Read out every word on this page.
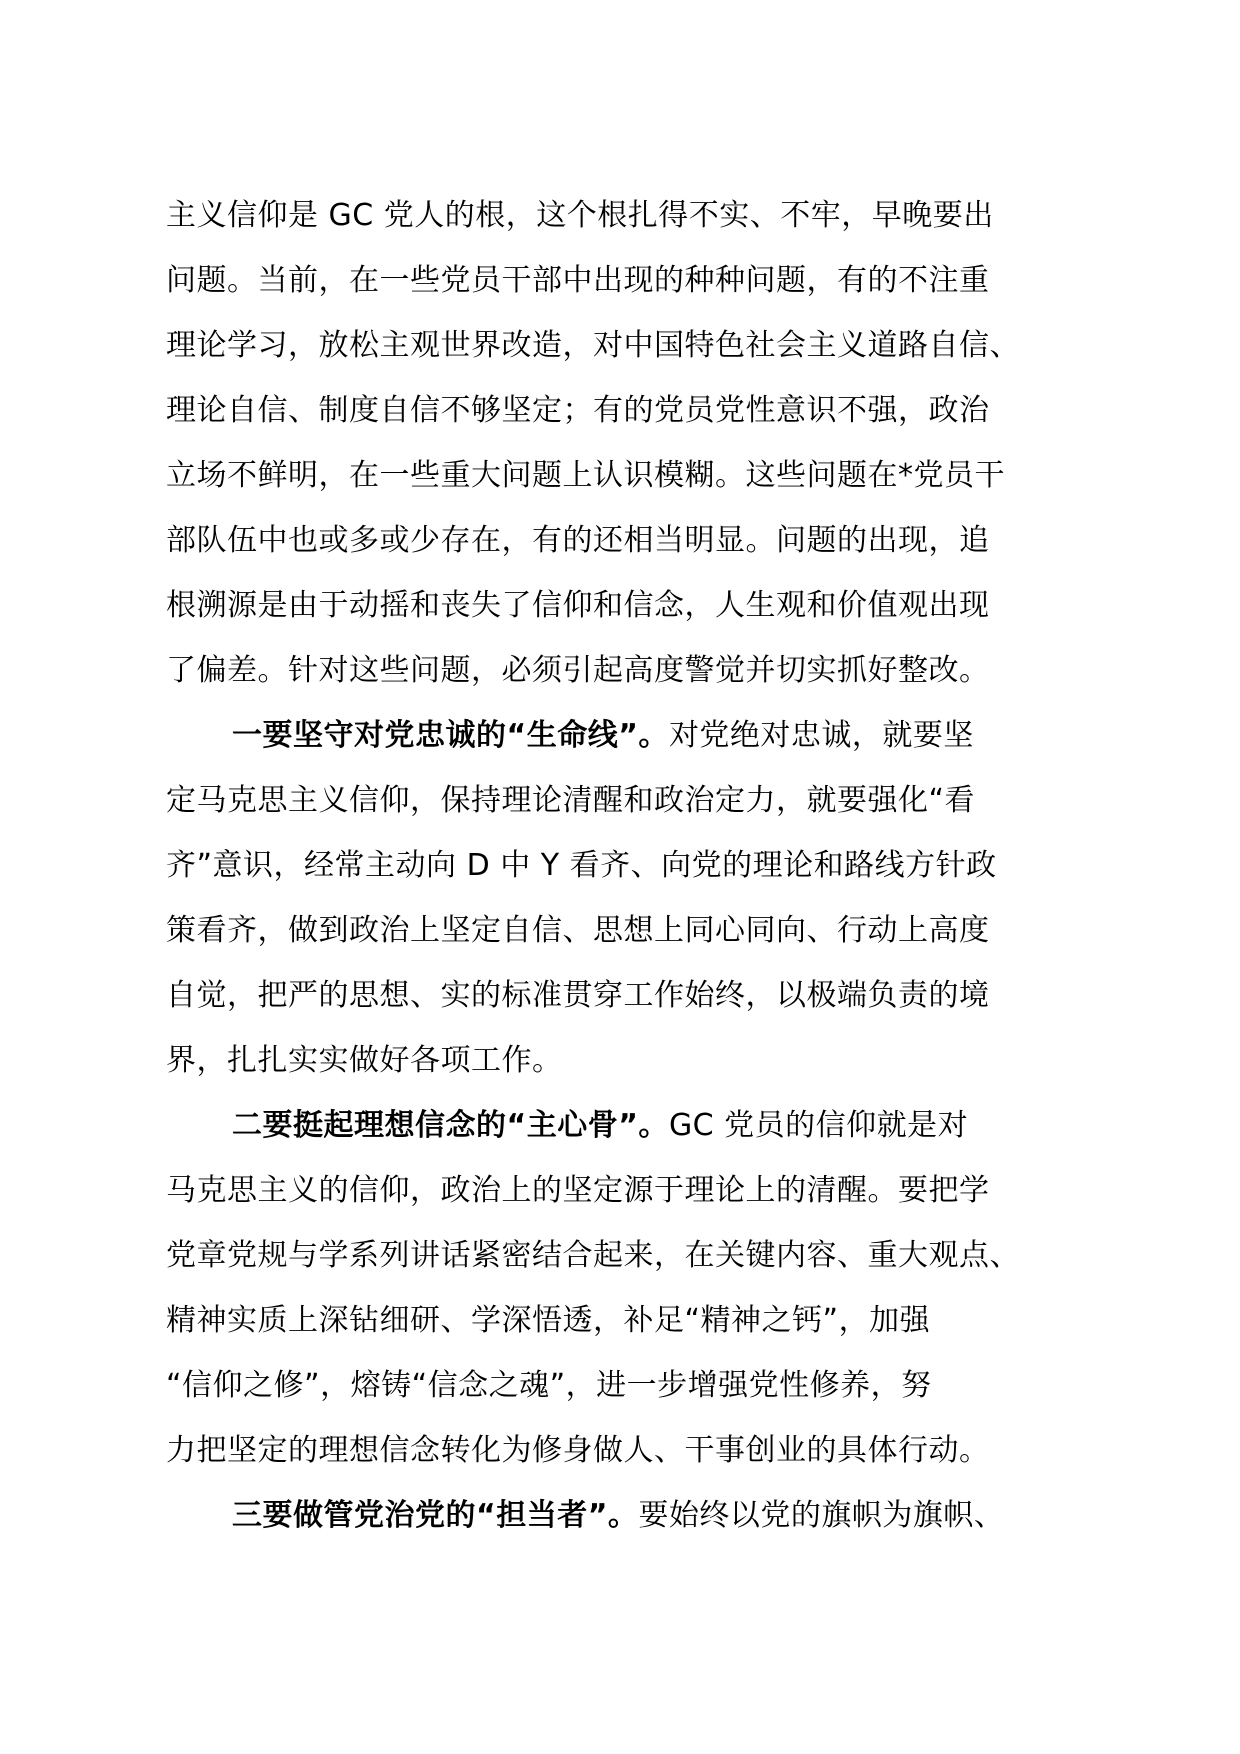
主义信仰是 GC 党人的根，这个根扎得不实、不牢，早晚要出
问题。当前，在一些党员干部中出现的种种问题，有的不注重
理论学习，放松主观世界改造，对中国特色社会主义道路自信、
理论自信、制度自信不够坚定；有的党员党性意识不强，政治
立场不鲜明，在一些重大问题上认识模糊。这些问题在*党员干
部队伍中也或多或少存在，有的还相当明显。问题的出现，追
根溯源是由于动摇和丧失了信仰和信念，人生观和价值观出现
了偏差。针对这些问题，必须引起高度警觉并切实抓好整改。
一要坚守对党忠诚的“生命线”。对党绝对忠诚，就要坚
定马克思主义信仰，保持理论清醒和政治定力，就要强化“看
齐”意识，经常主动向 D 中 Y 看齐、向党的理论和路线方针政
策看齐，做到政治上坚定自信、思想上同心同向、行动上高度
自觉，把严的思想、实的标准贯穿工作始终，以极端负责的境
界，扎扎实实做好各项工作。
二要挺起理想信念的“主心骨”。GC 党员的信仰就是对
马克思主义的信仰，政治上的坚定源于理论上的清醒。要把学
党章党规与学系列讲话紧密结合起来，在关键内容、重大观点、
精神实质上深钻细研、学深悟透，补足“精神之钙”，加强
“信仰之修”，熔铸“信念之魂”，进一步增强党性修养，努
力把坚定的理想信念转化为修身做人、干事创业的具体行动。
三要做管党治党的“担当者”。要始终以党的旗帜为旗帜、
